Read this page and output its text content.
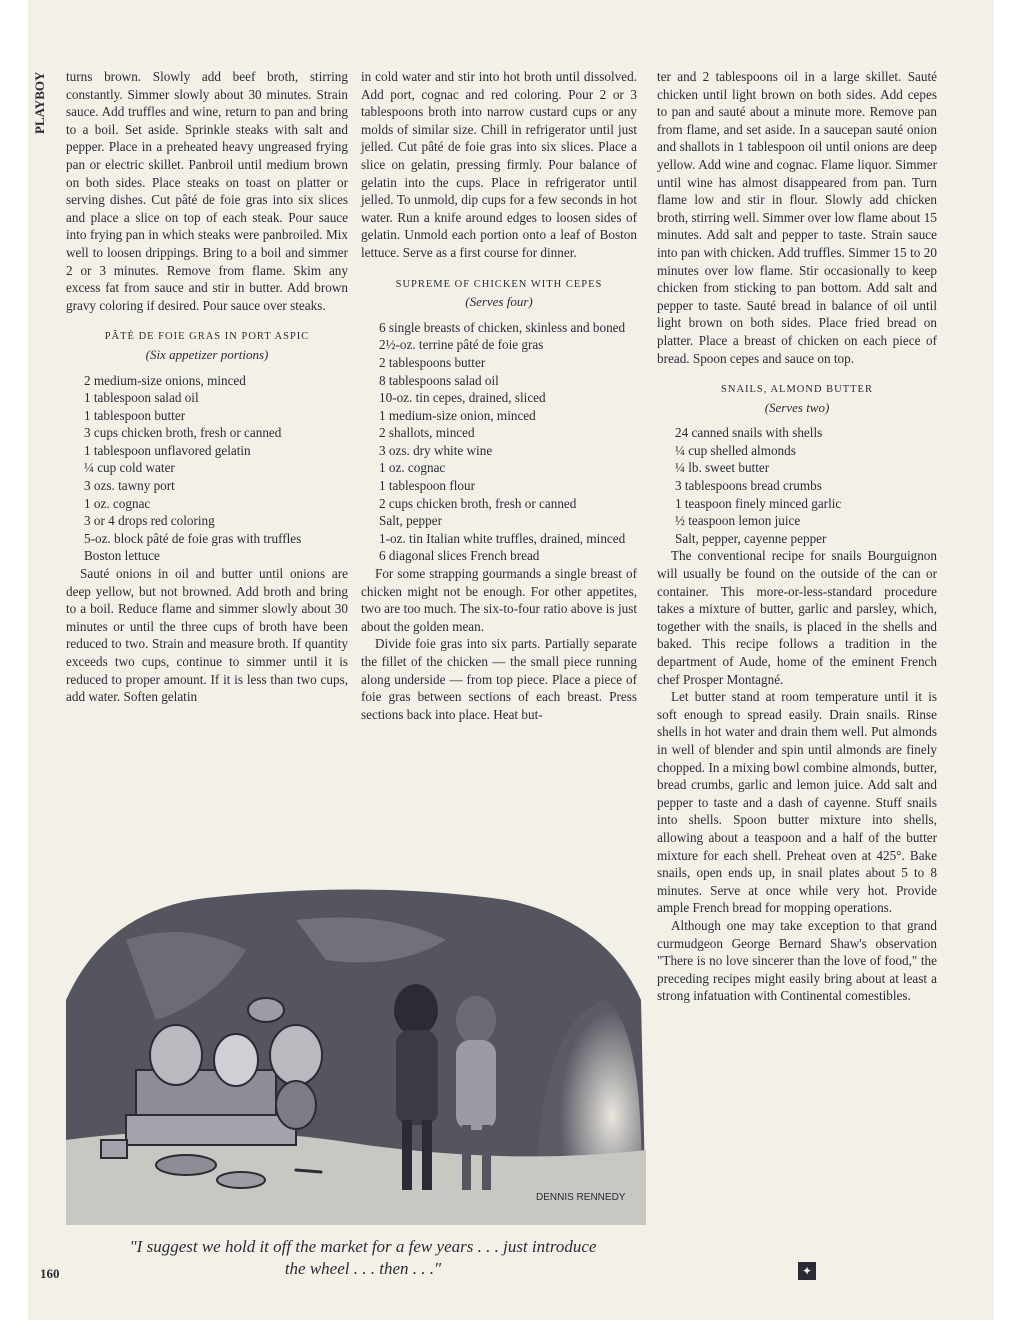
PLAYBOY	turns brown. Slowly add beef broth, stirring constantly. Simmer slowly about 30 minutes. Strain sauce. Add truffles and wine, return to pan and bring to a boil. Set aside. Sprinkle steaks with salt and pepper. Place in a preheated heavy ungreased frying pan or electric skillet. Panbroil until medium brown on both sides. Place steaks on toast on platter or serving dishes. Cut pâté de foie gras into six slices and place a slice on top of each steak. Pour sauce into frying pan in which steaks were panbroiled. Mix well to loosen drippings. Bring to a boil and simmer 2 or 3 minutes. Remove from flame. Skim any excess fat from sauce and stir in butter. Add brown gravy coloring if desired. Pour sauce over steaks.

PÂTÉ DE FOIE GRAS IN PORT ASPIC
(Six appetizer portions)
2 medium-size onions, minced
1 tablespoon salad oil
1 tablespoon butter
3 cups chicken broth, fresh or canned
1 tablespoon unflavored gelatin
¼ cup cold water
3 ozs. tawny port
1 oz. cognac
3 or 4 drops red coloring
5-oz. block pâté de foie gras with truffles
Boston lettuce

Sauté onions in oil and butter until onions are deep yellow, but not browned. Add broth and bring to a boil. Reduce flame and simmer slowly about 30 minutes or until the three cups of broth have been reduced to two. Strain and measure broth. If quantity exceeds two cups, continue to simmer until it is reduced to proper amount. If it is less than two cups, add water. Soften gelatin

in cold water and stir into hot broth until dissolved. Add port, cognac and red coloring. Pour 2 or 3 tablespoons broth into narrow custard cups or any molds of similar size. Chill in refrigerator until just jelled. Cut pâté de foie gras into six slices. Place a slice on gelatin, pressing firmly. Pour balance of gelatin into the cups. Place in refrigerator until jelled. To unmold, dip cups for a few seconds in hot water. Run a knife around edges to loosen sides of gelatin. Unmold each portion onto a leaf of Boston lettuce. Serve as a first course for dinner.

SUPREME OF CHICKEN WITH CEPES
(Serves four)
6 single breasts of chicken, skinless and boned
2½-oz. terrine pâté de foie gras
2 tablespoons butter
8 tablespoons salad oil
10-oz. tin cepes, drained, sliced
1 medium-size onion, minced
2 shallots, minced
3 ozs. dry white wine
1 oz. cognac
1 tablespoon flour
2 cups chicken broth, fresh or canned
Salt, pepper
1-oz. tin Italian white truffles, drained, minced
6 diagonal slices French bread

For some strapping gourmands a single breast of chicken might not be enough. For other appetites, two are too much. The six-to-four ratio above is just about the golden mean.

Divide foie gras into six parts. Partially separate the fillet of the chicken — the small piece running along underside — from top piece. Place a piece of foie gras between sections of each breast. Press sections back into place. Heat but-

ter and 2 tablespoons oil in a large skillet. Sauté chicken until light brown on both sides. Add cepes to pan and sauté about a minute more. Remove pan from flame, and set aside. In a saucepan sauté onion and shallots in 1 tablespoon oil until onions are deep yellow. Add wine and cognac. Flame liquor. Simmer until wine has almost disappeared from pan. Turn flame low and stir in flour. Slowly add chicken broth, stirring well. Simmer over low flame about 15 minutes. Add salt and pepper to taste. Strain sauce into pan with chicken. Add truffles. Simmer 15 to 20 minutes over low flame. Stir occasionally to keep chicken from sticking to pan bottom. Add salt and pepper to taste. Sauté bread in balance of oil until light brown on both sides. Place fried bread on platter. Place a breast of chicken on each piece of bread. Spoon cepes and sauce on top.

SNAILS, ALMOND BUTTER
(Serves two)
24 canned snails with shells
¼ cup shelled almonds
¼ lb. sweet butter
3 tablespoons bread crumbs
1 teaspoon finely minced garlic
½ teaspoon lemon juice
Salt, pepper, cayenne pepper

The conventional recipe for snails Bourguignon will usually be found on the outside of the can or container. This more-or-less-standard procedure takes a mixture of butter, garlic and parsley, which, together with the snails, is placed in the shells and baked. This recipe follows a tradition in the department of Aude, home of the eminent French chef Prosper Montagné.

Let butter stand at room temperature until it is soft enough to spread easily. Drain snails. Rinse shells in hot water and drain them well. Put almonds in well of blender and spin until almonds are finely chopped. In a mixing bowl combine almonds, butter, bread crumbs, garlic and lemon juice. Add salt and pepper to taste and a dash of cayenne. Stuff snails into shells. Spoon butter mixture into shells, allowing about a teaspoon and a half of the butter mixture for each shell. Preheat oven at 425°. Bake snails, open ends up, in snail plates about 5 to 8 minutes. Serve at once while very hot. Provide ample French bread for mopping operations.

Although one may take exception to that grand curmudgeon George Bernard Shaw's observation "There is no love sincerer than the love of food," the preceding recipes might easily bring about at least a strong infatuation with Continental comestibles.

DENNIS RENNEDY
"I suggest we hold it off the market for a few years . . . just introduce the wheel . . . then . . ."
160	✦
